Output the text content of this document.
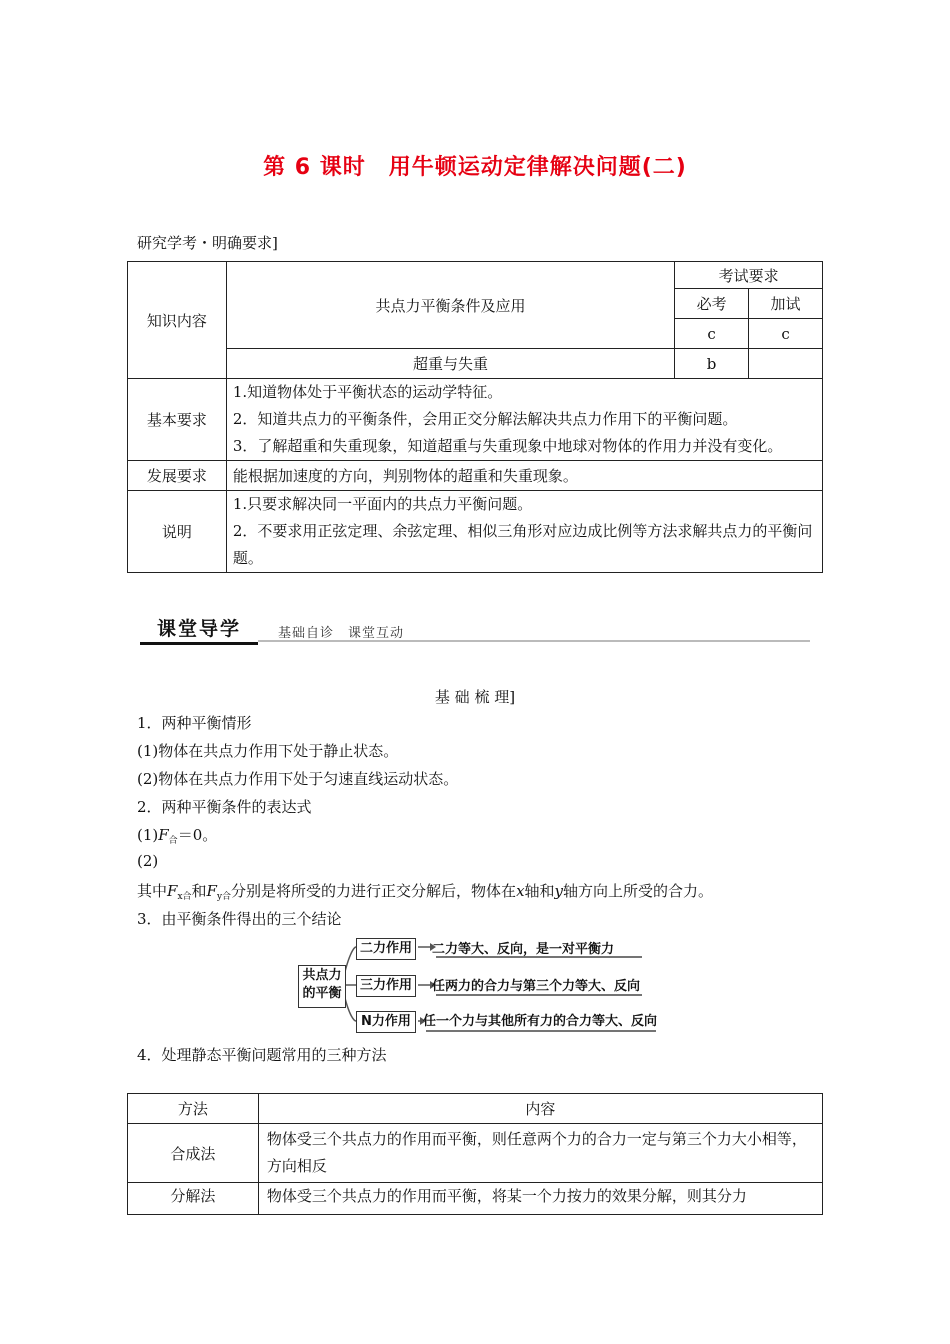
第 6 课时　用牛顿运动定律解决问题(二)
研究学考・明确要求]
知识内容	共点力平衡条件及应用	考试要求	
		必考	加试
		c	c
	超重与失重	b	
基本要求	1.知道物体处于平衡状态的运动学特征。
2．知道共点力的平衡条件，会用正交分解法解决共点力作用下的平衡问题。
3．了解超重和失重现象，知道超重与失重现象中地球对物体的作用力并没有变化。		

发展要求	能根据加速度的方向，判别物体的超重和失重现象。		
说明	1.只要求解决同一平面内的共点力平衡问题。
2．不要求用正弦定理、余弦定理、相似三角形对应边成比例等方法求解共点力的平衡问题。		
课堂导学	基础自诊　课堂互动
基 础 梳 理]
1．两种平衡情形
(1)物体在共点力作用下处于静止状态。
(2)物体在共点力作用下处于匀速直线运动状态。
2．两种平衡条件的表达式
$(1)F_合=0$。
(2)
其中$F_{x合}$和$F_{y合}$分别是将所受的力进行正交分解后，物体在x轴和y轴方向上所受的合力。
3．由平衡条件得出的三个结论
共点力的平衡
二力作用
三力作用
N力作用
二力等大、反向，是一对平衡力
任两力的合力与第三个力等大、反向
任一个力与其他所有力的合力等大、反向
4．处理静态平衡问题常用的三种方法
方法	内容
合成法	物体受三个共点力的作用而平衡，则任意两个力的合力一定与第三个力大小相等，方向相反
分解法	物体受三个共点力的作用而平衡，将某一个力按力的效果分解，则其分力
